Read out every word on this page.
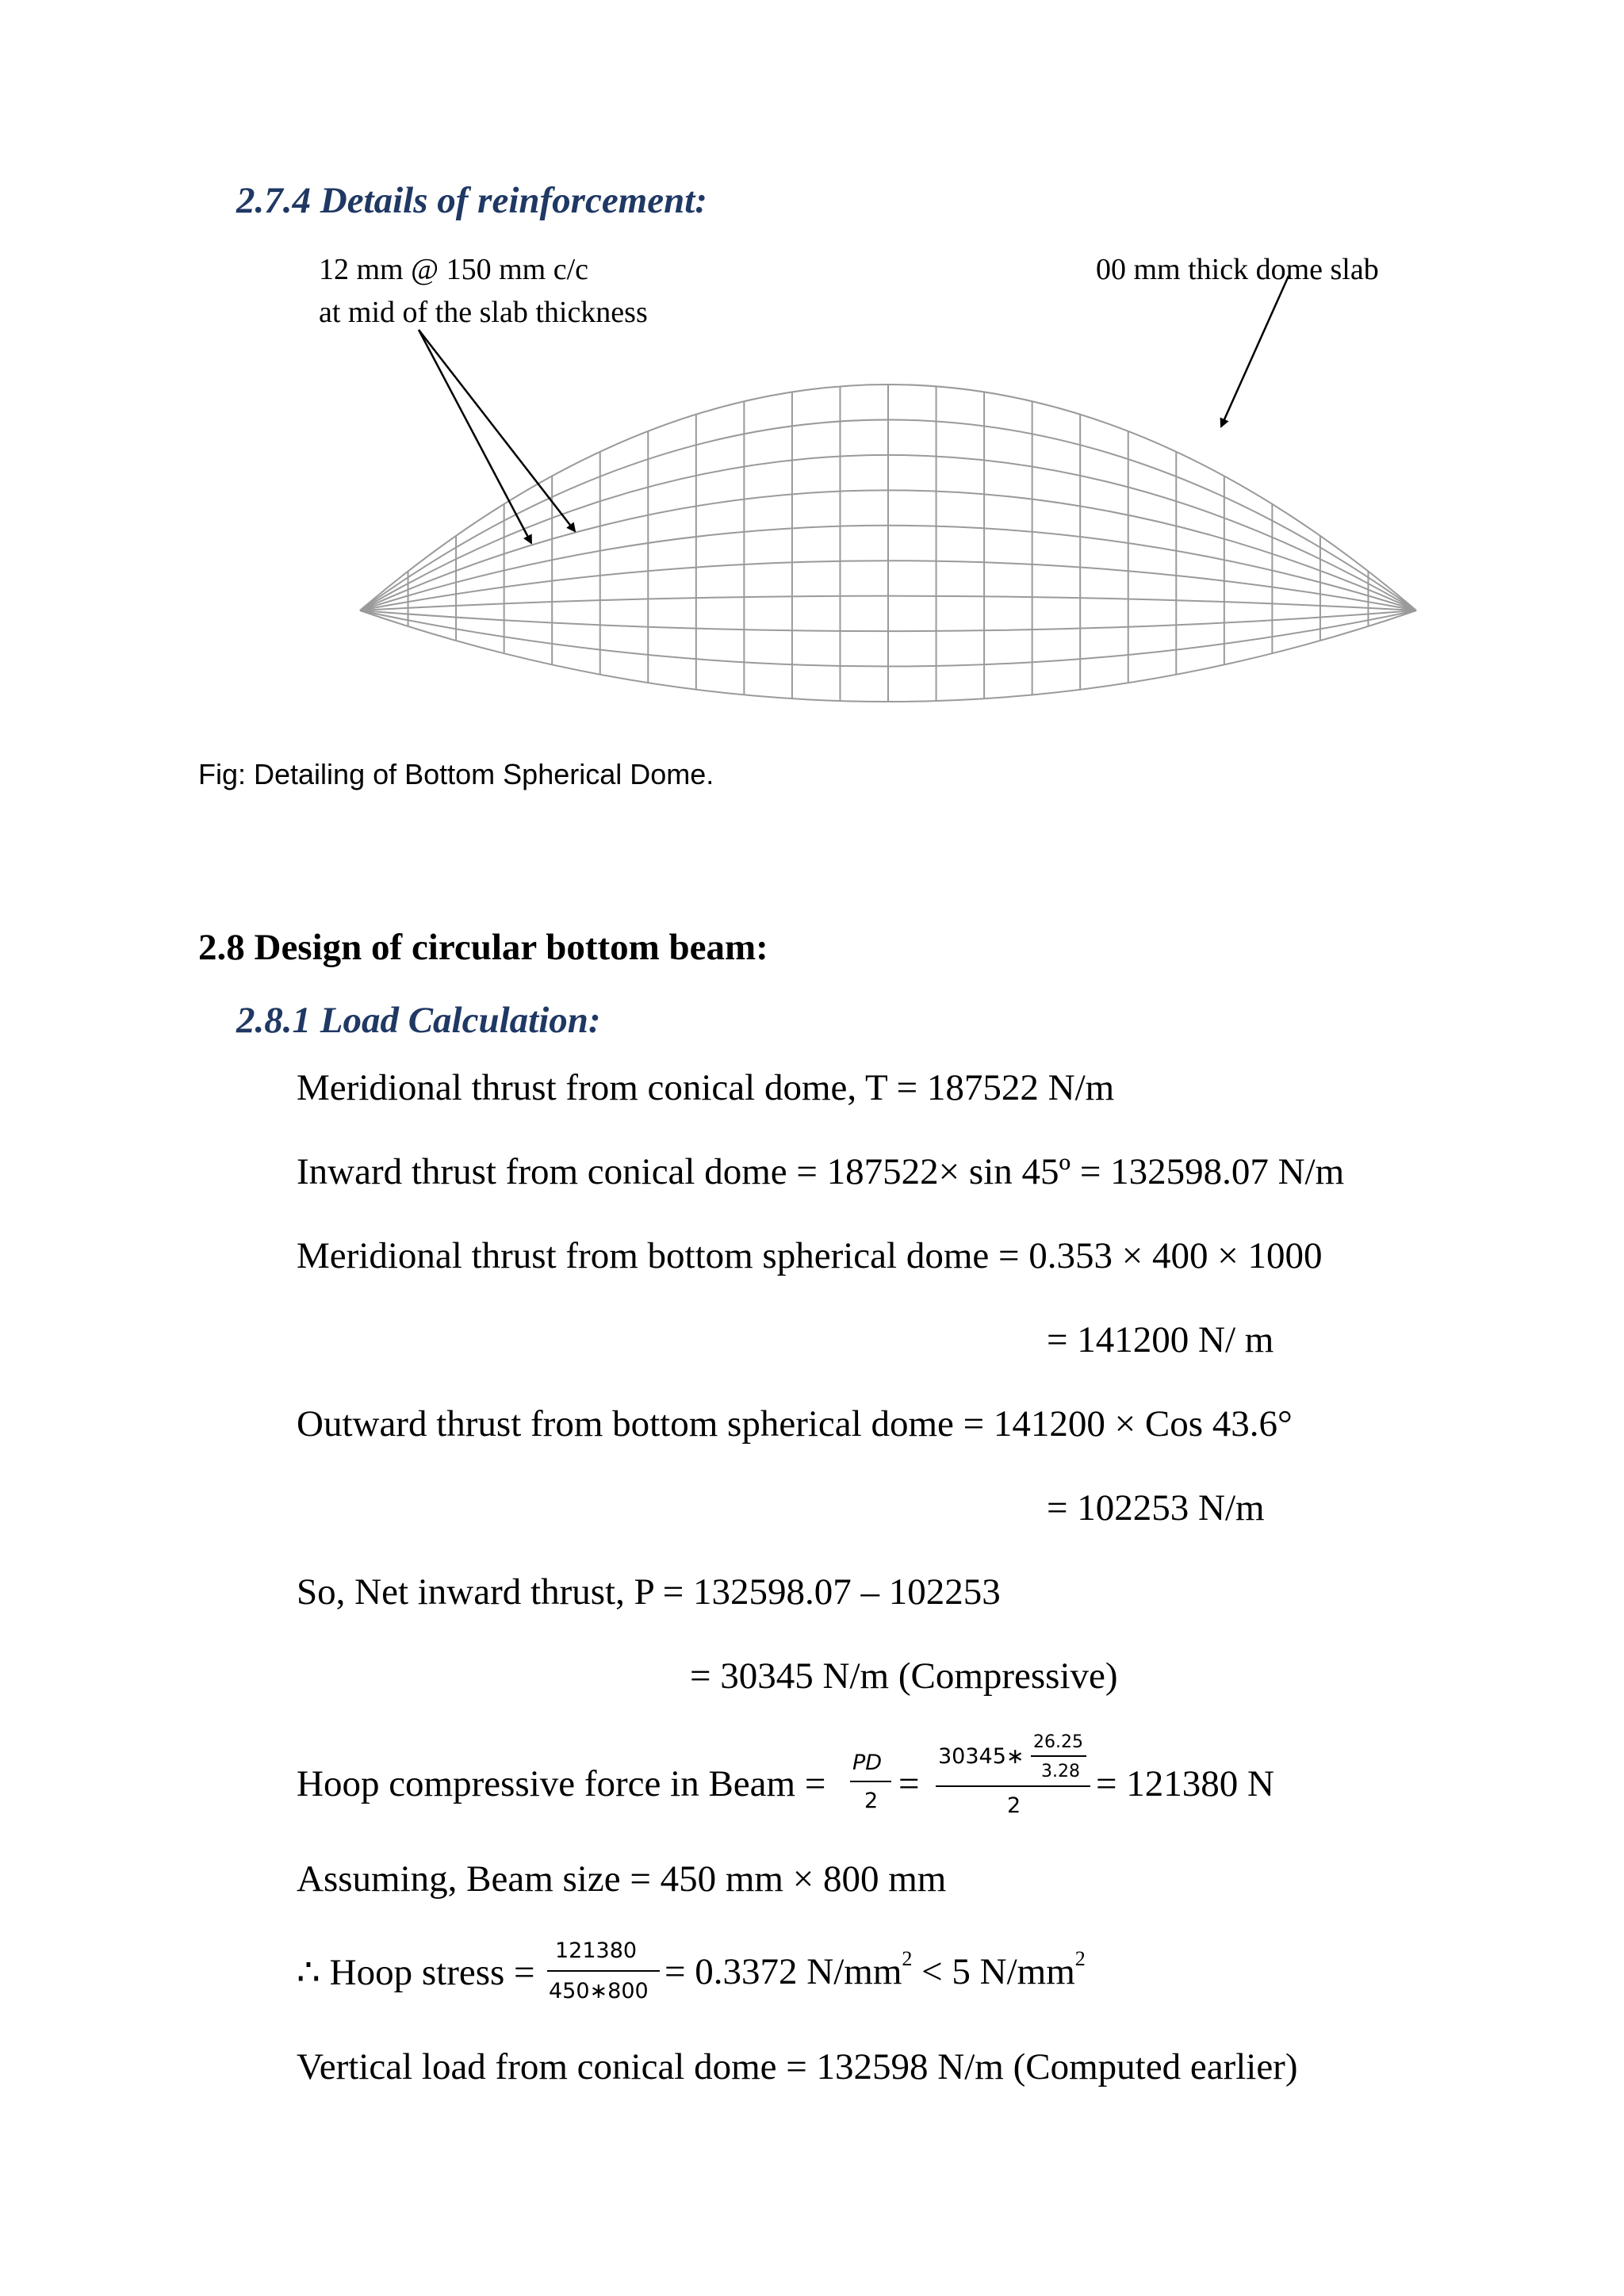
2.7.4 Details of reinforcement:
12 mm @ 150 mm c/c
at mid of the slab thickness
00 mm thick dome slab
Fig: Detailing of Bottom Spherical Dome.
2.8 Design of circular bottom beam:
2.8.1 Load Calculation:
Meridional thrust from conical dome, T = 187522 N/m
Inward thrust from conical dome = 187522× sin 45º = 132598.07 N/m
Meridional thrust from bottom spherical dome = 0.353 × 400 × 1000
= 141200 N/ m
Outward thrust from bottom spherical dome = 141200 × Cos 43.6°
= 102253 N/m
So, Net inward thrust, P = 132598.07 – 102253
= 30345 N/m (Compressive)
Hoop compressive force in Beam =
PD
2 =
30345∗
26.25
3.28
2
= 121380 N
Assuming, Beam size = 450 mm × 800 mm
∴ Hoop stress =
121380
450∗800 = 0.3372 $N/mm^2 < 5$ $N/mm^2$
Vertical load from conical dome = 132598 N/m (Computed earlier)
